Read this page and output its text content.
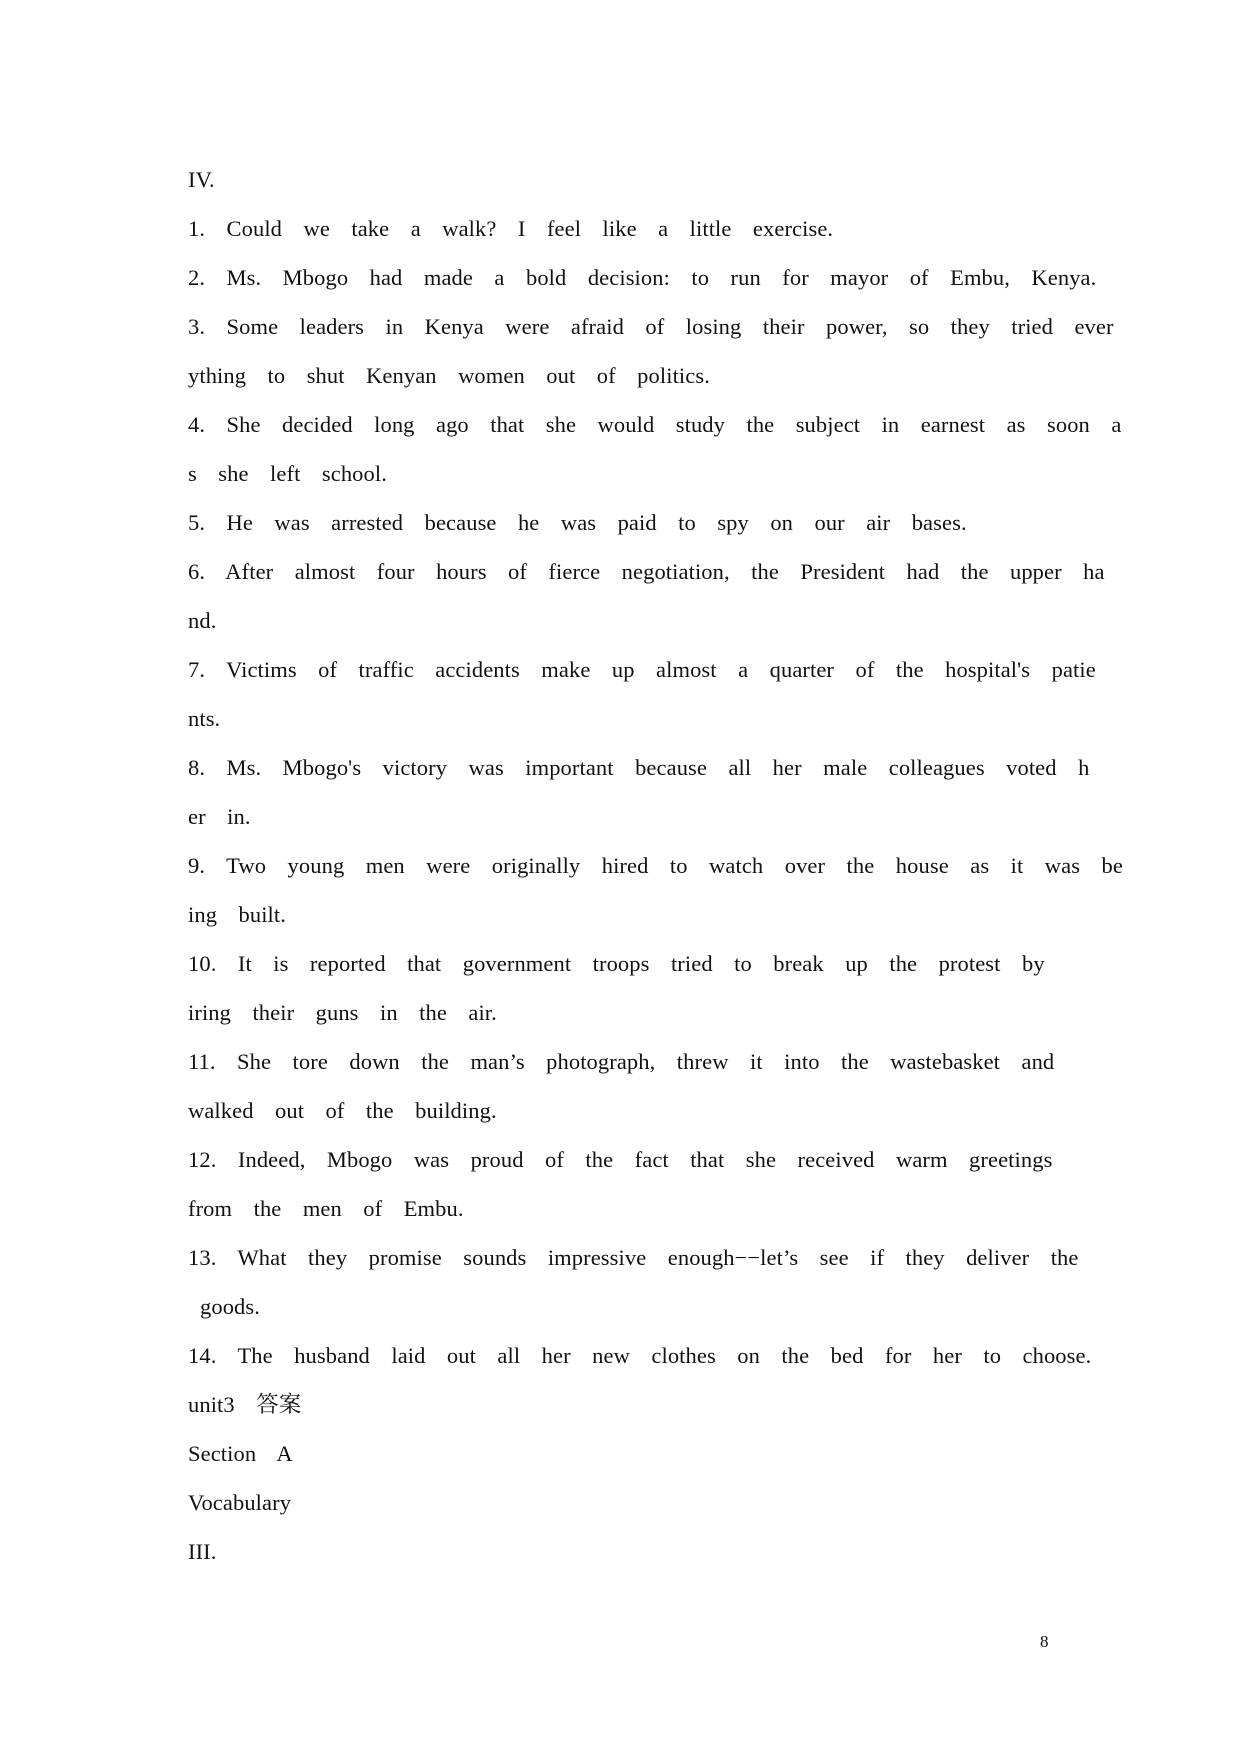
IV.
1.  Could  we  take  a  walk?  I  feel  like  a  little  exercise.
2.  Ms.  Mbogo  had  made  a  bold  decision:  to  run  for  mayor  of  Embu,  Kenya.
3.  Some  leaders  in  Kenya  were  afraid  of  losing  their  power,  so  they  tried  ever
ything  to  shut  Kenyan  women  out  of  politics.
4.  She  decided  long  ago  that  she  would  study  the  subject  in  earnest  as  soon  a
s  she  left  school.
5.  He  was  arrested  because  he  was  paid  to  spy  on  our  air  bases.
6.  After  almost  four  hours  of  fierce  negotiation,  the  President  had  the  upper  ha
nd.
7.  Victims  of  traffic  accidents  make  up  almost  a  quarter  of  the  hospital's  patie
nts.
8.  Ms.  Mbogo's  victory  was  important  because  all  her  male  colleagues  voted  h
er  in.
9.  Two  young  men  were  originally  hired  to  watch  over  the  house  as  it  was  be
ing  built.
10.  It  is  reported  that  government  troops  tried  to  break  up  the  protest  by
iring  their  guns  in  the  air.
11.  She  tore  down  the  man’s  photograph,  threw  it  into  the  wastebasket  and
walked  out  of  the  building.
12.  Indeed,  Mbogo  was  proud  of  the  fact  that  she  received  warm  greetings
from  the  men  of  Embu.
13.  What  they  promise  sounds  impressive  enough−−let’s  see  if  they  deliver  the
goods.
14.  The  husband  laid  out  all  her  new  clothes  on  the  bed  for  her  to  choose.
unit3  答案
Section  A
Vocabulary
III.
8
